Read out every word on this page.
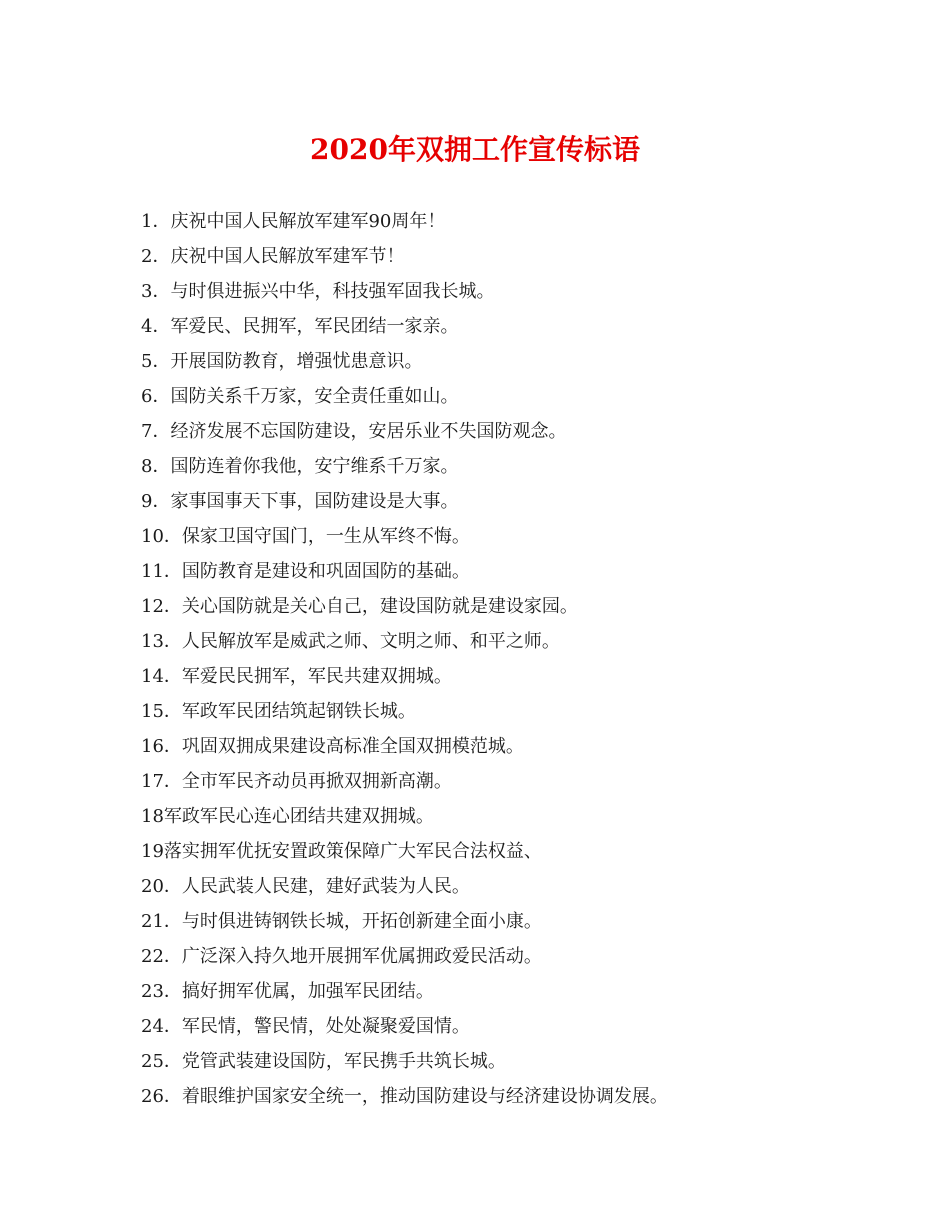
2020年双拥工作宣传标语
1．庆祝中国人民解放军建军90周年！
2．庆祝中国人民解放军建军节！
3．与时俱进振兴中华，科技强军固我长城。
4．军爱民、民拥军，军民团结一家亲。
5．开展国防教育，增强忧患意识。
6．国防关系千万家，安全责任重如山。
7．经济发展不忘国防建设，安居乐业不失国防观念。
8．国防连着你我他，安宁维系千万家。
9．家事国事天下事，国防建设是大事。
10．保家卫国守国门，一生从军终不悔。
11．国防教育是建设和巩固国防的基础。
12．关心国防就是关心自己，建设国防就是建设家园。
13．人民解放军是威武之师、文明之师、和平之师。
14．军爱民民拥军，军民共建双拥城。
15．军政军民团结筑起钢铁长城。
16．巩固双拥成果建设高标准全国双拥模范城。
17．全市军民齐动员再掀双拥新高潮。
18军政军民心连心团结共建双拥城。
19落实拥军优抚安置政策保障广大军民合法权益、
20．人民武装人民建，建好武装为人民。
21．与时俱进铸钢铁长城，开拓创新建全面小康。
22．广泛深入持久地开展拥军优属拥政爱民活动。
23．搞好拥军优属，加强军民团结。
24．军民情，警民情，处处凝聚爱国情。
25．党管武装建设国防，军民携手共筑长城。
26．着眼维护国家安全统一，推动国防建设与经济建设协调发展。
